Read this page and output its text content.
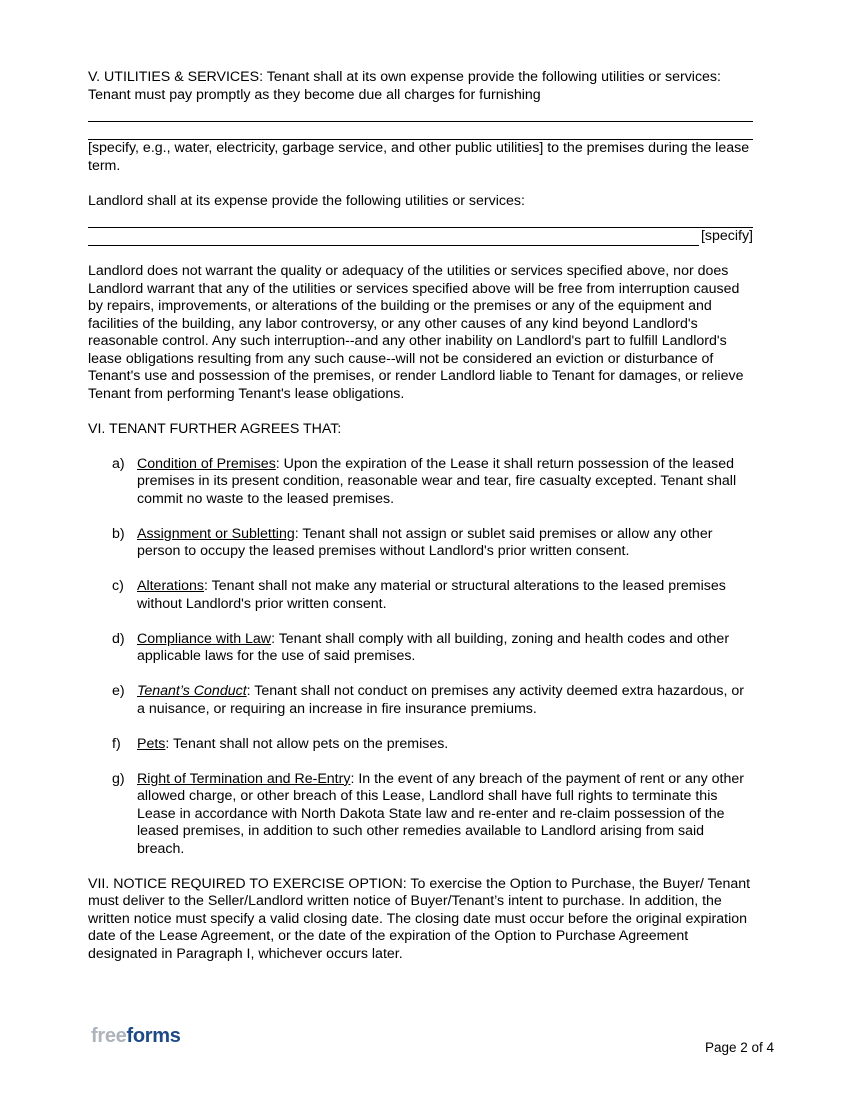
V. UTILITIES & SERVICES: Tenant shall at its own expense provide the following utilities or services: Tenant must pay promptly as they become due all charges for furnishing

[specify, e.g., water, electricity, garbage service, and other public utilities] to the premises during the lease term.

Landlord shall at its expense provide the following utilities or services:

[specify]

Landlord does not warrant the quality or adequacy of the utilities or services specified above, nor does Landlord warrant that any of the utilities or services specified above will be free from interruption caused by repairs, improvements, or alterations of the building or the premises or any of the equipment and facilities of the building, any labor controversy, or any other causes of any kind beyond Landlord's reasonable control. Any such interruption--and any other inability on Landlord's part to fulfill Landlord's lease obligations resulting from any such cause--will not be considered an eviction or disturbance of Tenant's use and possession of the premises, or render Landlord liable to Tenant for damages, or relieve Tenant from performing Tenant's lease obligations.

VI. TENANT FURTHER AGREES THAT:

a) Condition of Premises: Upon the expiration of the Lease it shall return possession of the leased premises in its present condition, reasonable wear and tear, fire casualty excepted. Tenant shall commit no waste to the leased premises.
b) Assignment or Subletting: Tenant shall not assign or sublet said premises or allow any other person to occupy the leased premises without Landlord's prior written consent.
c) Alterations: Tenant shall not make any material or structural alterations to the leased premises without Landlord's prior written consent.
d) Compliance with Law: Tenant shall comply with all building, zoning and health codes and other applicable laws for the use of said premises.
e) Tenant’s Conduct: Tenant shall not conduct on premises any activity deemed extra hazardous, or a nuisance, or requiring an increase in fire insurance premiums.
f)	Pets: Tenant shall not allow pets on the premises.
g) Right of Termination and Re-Entry: In the event of any breach of the payment of rent or any other allowed charge, or other breach of this Lease, Landlord shall have full rights to terminate this Lease in accordance with North Dakota State law and re-enter and re-claim possession of the leased premises, in addition to such other remedies available to Landlord arising from said breach.

VII. NOTICE REQUIRED TO EXERCISE OPTION: To exercise the Option to Purchase, the Buyer/ Tenant must deliver to the Seller/Landlord written notice of Buyer/Tenant’s intent to purchase. In addition, the written notice must specify a valid closing date. The closing date must occur before the original expiration date of the Lease Agreement, or the date of the expiration of the Option to Purchase Agreement designated in Paragraph I, whichever occurs later.

freeforms
Page 2 of 4
